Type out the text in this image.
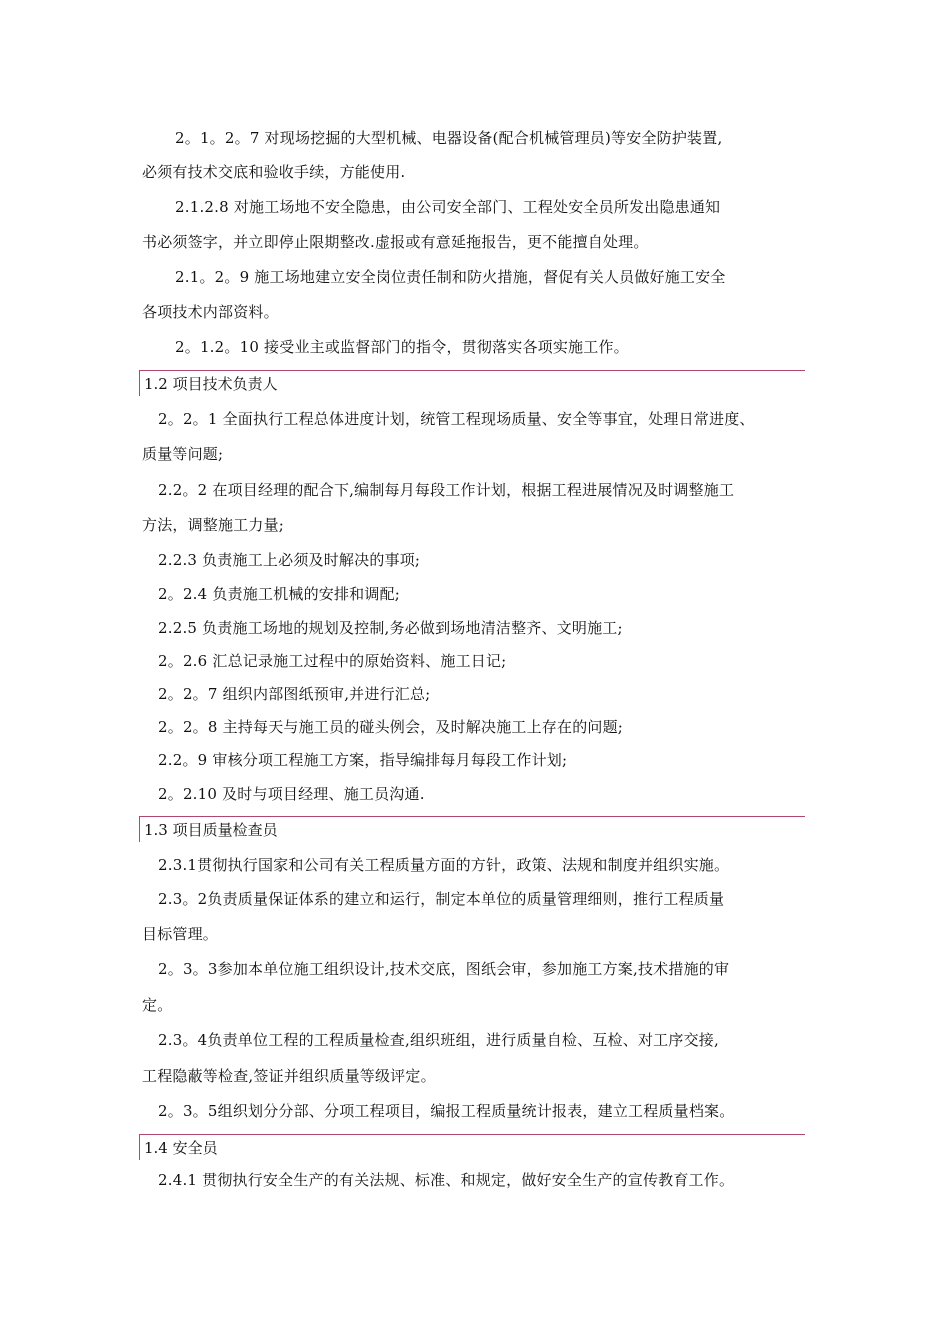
2。1。2。7 对现场挖掘的大型机械、电器设备(配合机械管理员)等安全防护装置,
必须有技术交底和验收手续，方能使用.
2.1.2.8 对施工场地不安全隐患，由公司安全部门、工程处安全员所发出隐患通知
书必须签字，并立即停止限期整改.虚报或有意延拖报告，更不能擅自处理。
2.1。2。9 施工场地建立安全岗位责任制和防火措施，督促有关人员做好施工安全
各项技术内部资料。
2。1.2。10 接受业主或监督部门的指令，贯彻落实各项实施工作。
1.2 项目技术负责人
2。2。1 全面执行工程总体进度计划，统管工程现场质量、安全等事宜，处理日常进度、
质量等问题;
2.2。2 在项目经理的配合下,编制每月每段工作计划，根据工程进展情况及时调整施工
方法，调整施工力量;
2.2.3 负责施工上必须及时解决的事项;
2。2.4 负责施工机械的安排和调配;
2.2.5 负责施工场地的规划及控制,务必做到场地清洁整齐、文明施工;
2。2.6 汇总记录施工过程中的原始资料、施工日记;
2。2。7 组织内部图纸预审,并进行汇总;
2。2。8 主持每天与施工员的碰头例会，及时解决施工上存在的问题;
2.2。9 审核分项工程施工方案，指导编排每月每段工作计划;
2。2.10 及时与项目经理、施工员沟通.
1.3 项目质量检查员
2.3.1贯彻执行国家和公司有关工程质量方面的方针，政策、法规和制度并组织实施。
2.3。2负责质量保证体系的建立和运行，制定本单位的质量管理细则，推行工程质量
目标管理。
2。3。3参加本单位施工组织设计,技术交底，图纸会审，参加施工方案,技术措施的审
定。
2.3。4负责单位工程的工程质量检查,组织班组，进行质量自检、互检、对工序交接,
工程隐蔽等检查,签证并组织质量等级评定。
2。3。5组织划分分部、分项工程项目，编报工程质量统计报表，建立工程质量档案。
1.4 安全员
2.4.1 贯彻执行安全生产的有关法规、标准、和规定，做好安全生产的宣传教育工作。
